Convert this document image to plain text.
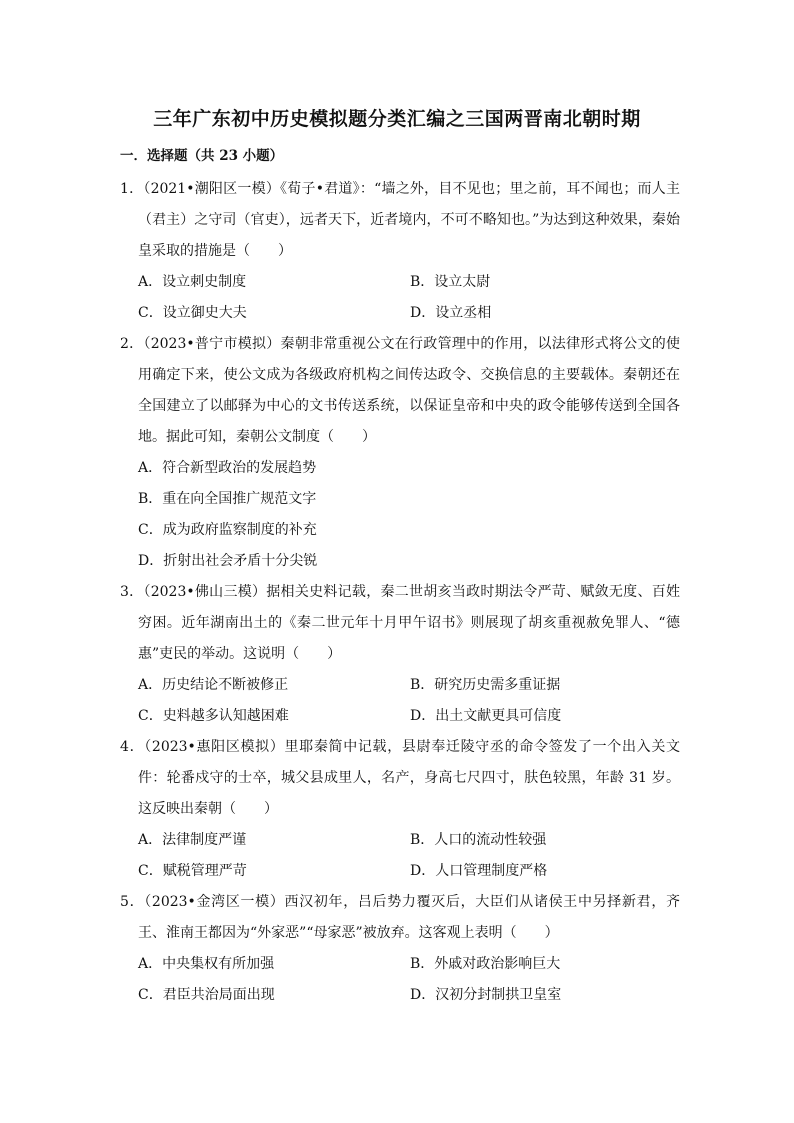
三年广东初中历史模拟题分类汇编之三国两晋南北朝时期
一．选择题（共 23 小题）

1．（2021•潮阳区一模）《荀子•君道》：“墙之外，目不见也；里之前，耳不闻也；而人主（君主）之守司（官吏），远者天下，近者境内，不可不略知也。”为达到这种效果，秦始皇采取的措施是（　　）

A．设立刺史制度	B．设立太尉
C．设立御史大夫	D．设立丞相

2．（2023•普宁市模拟）秦朝非常重视公文在行政管理中的作用，以法律形式将公文的使用确定下来，使公文成为各级政府机构之间传达政令、交换信息的主要载体。秦朝还在全国建立了以邮驿为中心的文书传送系统，以保证皇帝和中央的政令能够传送到全国各地。据此可知，秦朝公文制度（　　）

A．符合新型政治的发展趋势
B．重在向全国推广规范文字
C．成为政府监察制度的补充
D．折射出社会矛盾十分尖锐

3．（2023•佛山三模）据相关史料记载，秦二世胡亥当政时期法令严苛、赋敛无度、百姓穷困。近年湖南出土的《秦二世元年十月甲午诏书》则展现了胡亥重视赦免罪人、“德惠”吏民的举动。这说明（　　）

A．历史结论不断被修正	B．研究历史需多重证据
C．史料越多认知越困难	D．出土文献更具可信度

4．（2023•惠阳区模拟）里耶秦简中记载，县尉奉迁陵守丞的命令签发了一个出入关文件：轮番戍守的士卒，城父县成里人，名产，身高七尺四寸，肤色较黑，年龄 31 岁。这反映出秦朝（　　）

A．法律制度严谨	B．人口的流动性较强
C．赋税管理严苛	D．人口管理制度严格

5．（2023•金湾区一模）西汉初年，吕后势力覆灭后，大臣们从诸侯王中另择新君，齐王、淮南王都因为“外家恶”“母家恶”被放弃。这客观上表明（　　）

A．中央集权有所加强	B．外戚对政治影响巨大
C．君臣共治局面出现	D．汉初分封制拱卫皇室
